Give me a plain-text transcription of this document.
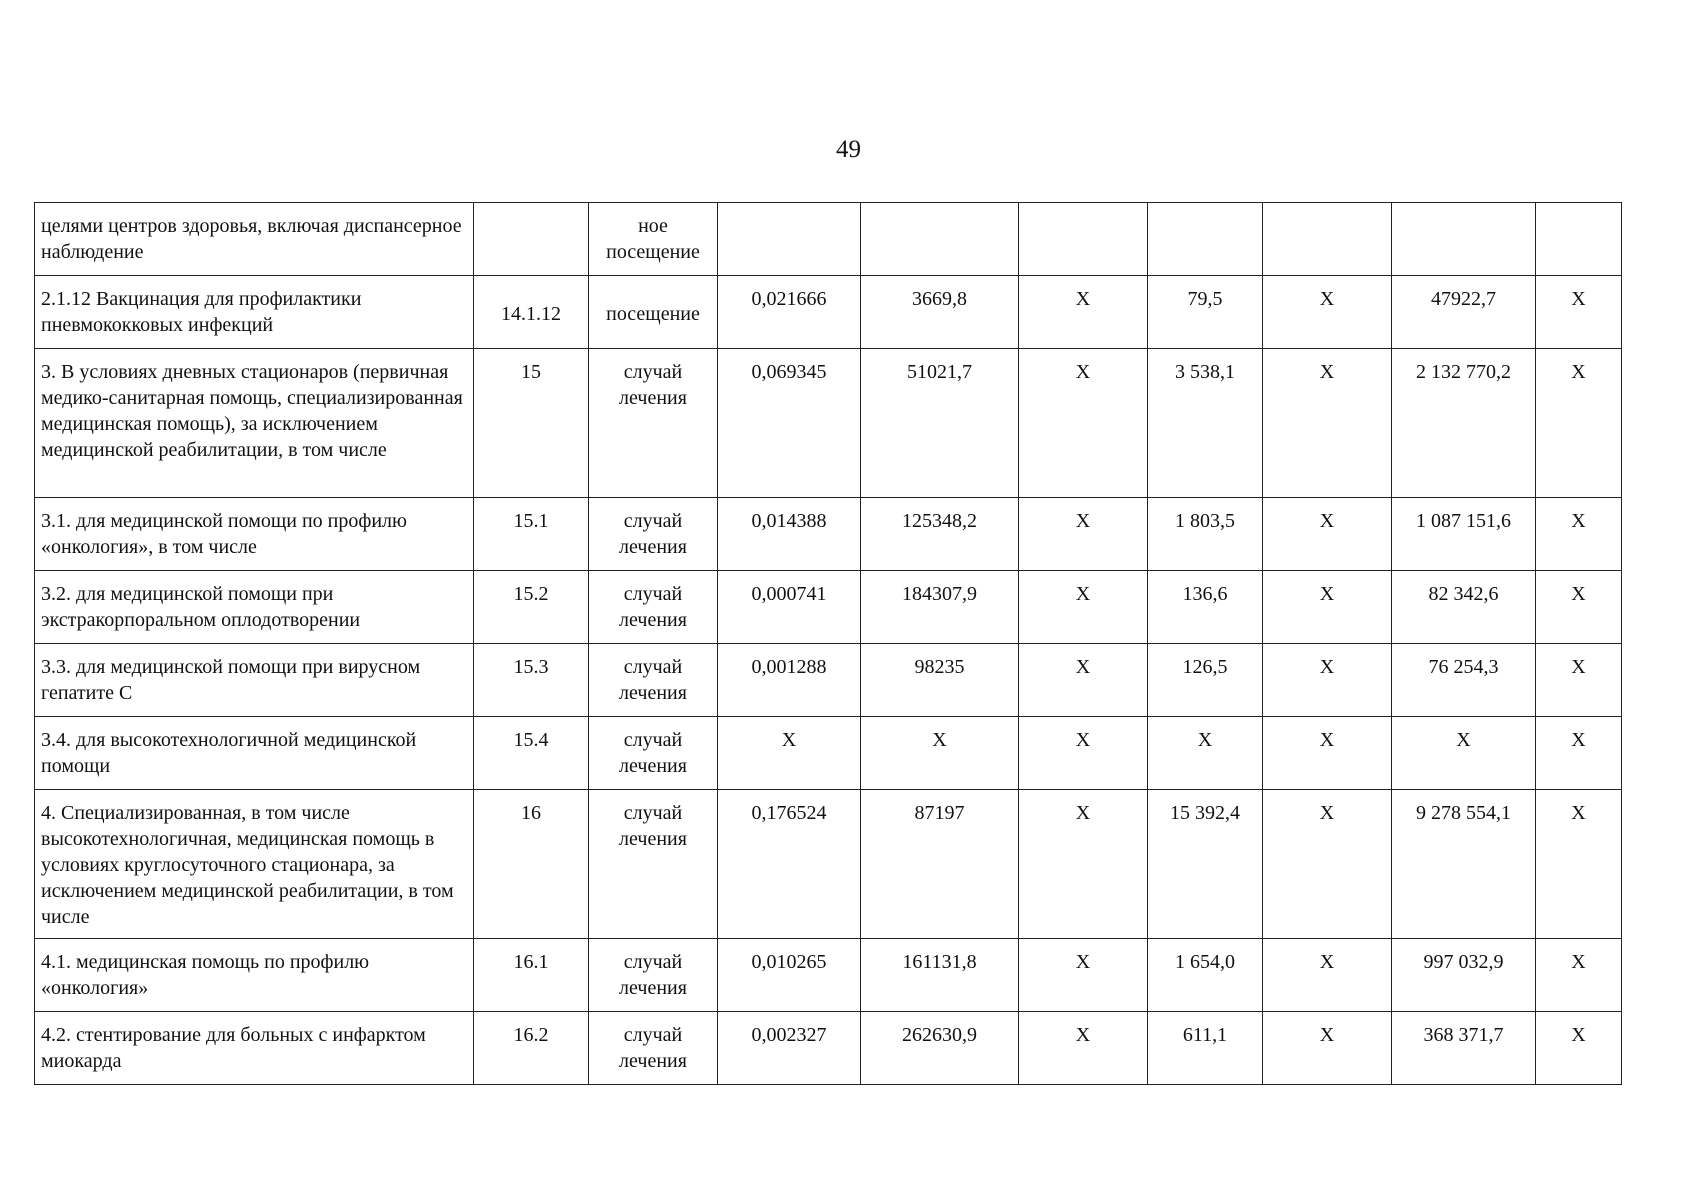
49
целями центров здоровья, включая диспансерное наблюдение		ное посещение							
2.1.12 Вакцинация для профилактики пневмококковых инфекций	14.1.12	посещение	0,021666	3669,8	Х	79,5	Х	47922,7	Х
3. В условиях дневных стационаров (первичная медико-санитарная помощь, специализированная медицинская помощь), за исключением медицинской реабилитации, в том числе	15	случай лечения	0,069345	51021,7	Х	3 538,1	Х	2 132 770,2	Х
3.1. для медицинской помощи по профилю «онкология», в том числе	15.1	случай лечения	0,014388	125348,2	Х	1 803,5	Х	1 087 151,6	Х
3.2. для медицинской помощи при экстракорпоральном оплодотворении	15.2	случай лечения	0,000741	184307,9	Х	136,6	Х	82 342,6	Х
3.3. для медицинской помощи при вирусном гепатите С	15.3	случай лечения	0,001288	98235	Х	126,5	Х	76 254,3	Х
3.4. для высокотехнологичной медицинской помощи	15.4	случай лечения	Х	Х	Х	Х	Х	Х	Х
4. Специализированная, в том числе высокотехнологичная, медицинская помощь в условиях круглосуточного стационара, за исключением медицинской реабилитации, в том числе	16	случай лечения	0,176524	87197	Х	15 392,4	Х	9 278 554,1	Х
4.1. медицинская помощь по профилю «онкология»	16.1	случай лечения	0,010265	161131,8	Х	1 654,0	Х	997 032,9	Х
4.2. стентирование для больных с инфарктом миокарда	16.2	случай лечения	0,002327	262630,9	Х	611,1	Х	368 371,7	Х
